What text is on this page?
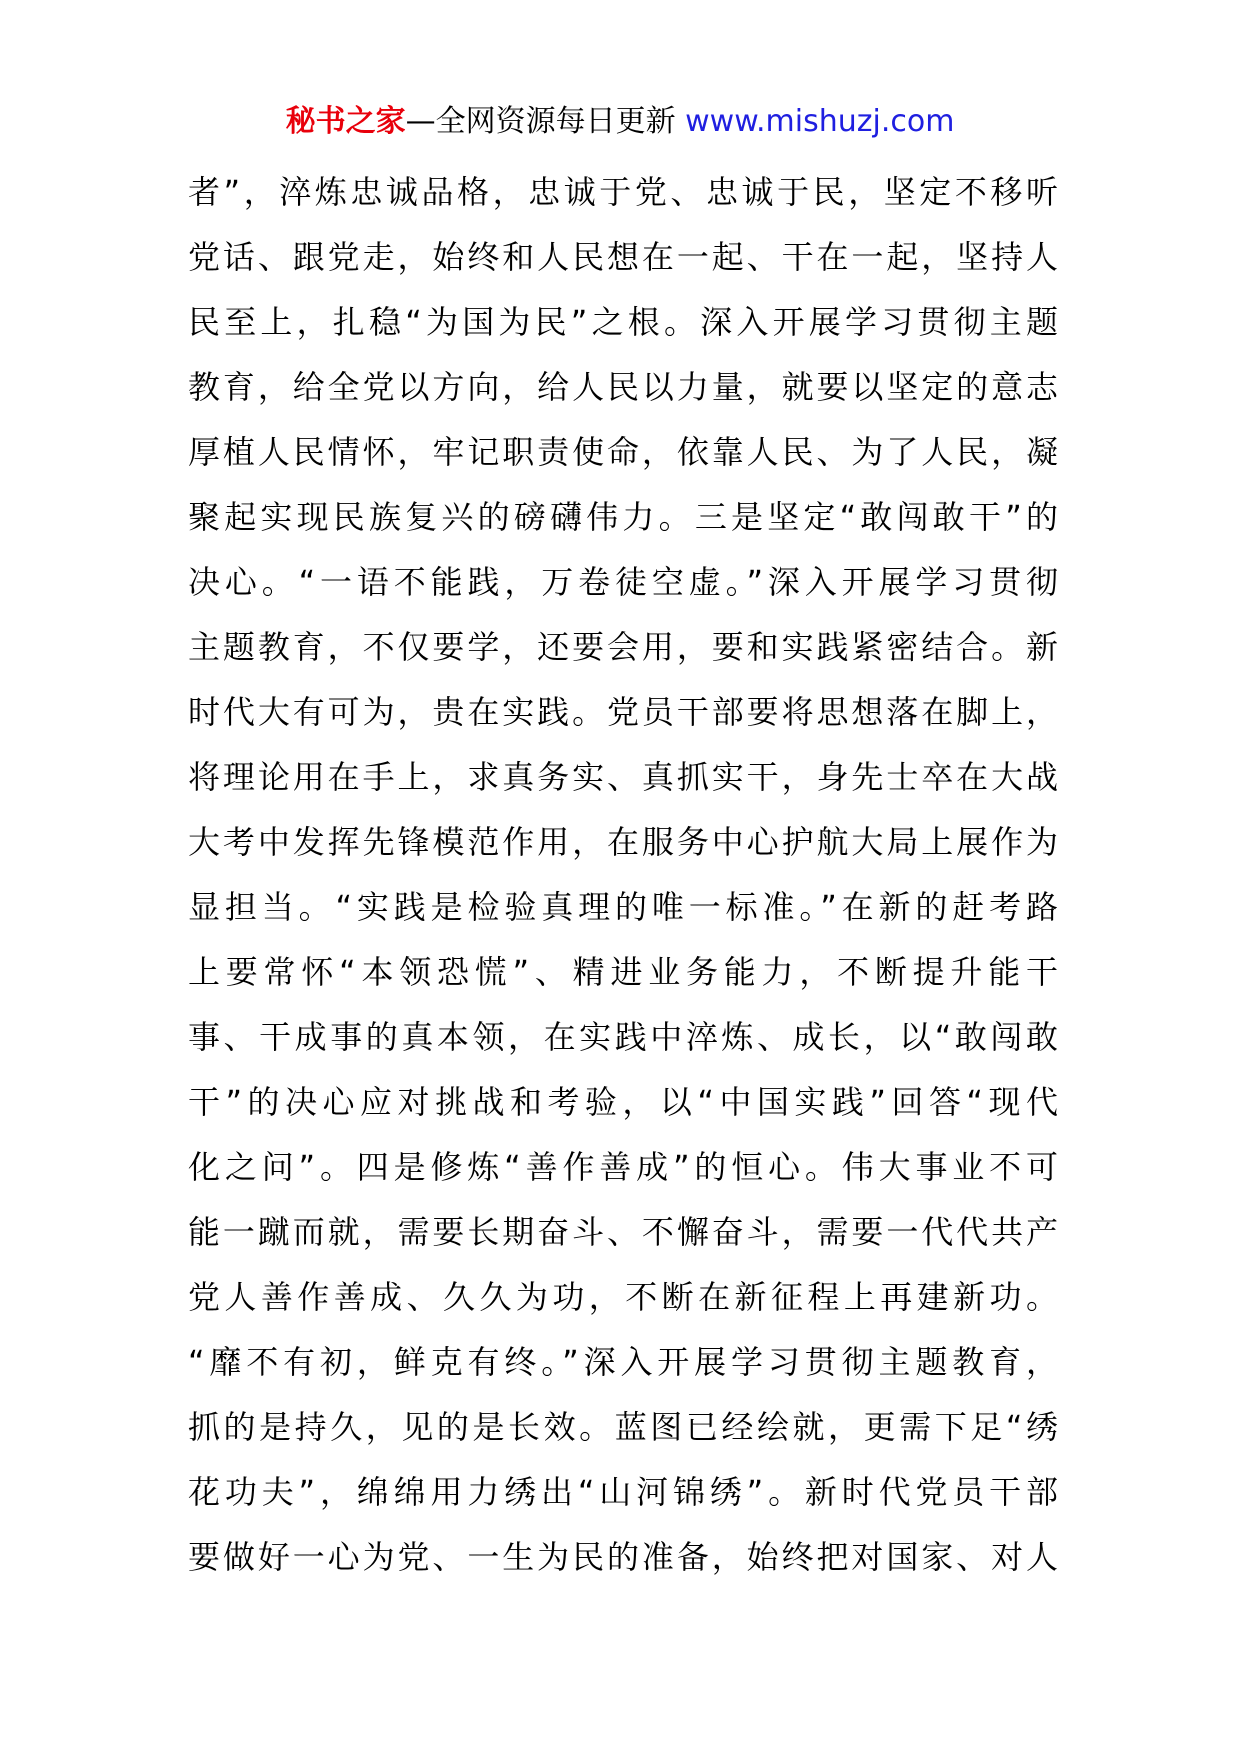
秘书之家—全网资源每日更新 www.mishuzj.com
者”，淬炼忠诚品格，忠诚于党、忠诚于民，坚定不移听
党话、跟党走，始终和人民想在一起、干在一起，坚持人
民至上，扎稳“为国为民”之根。深入开展学习贯彻主题
教育，给全党以方向，给人民以力量，就要以坚定的意志
厚植人民情怀，牢记职责使命，依靠人民、为了人民，凝
聚起实现民族复兴的磅礴伟力。三是坚定“敢闯敢干”的
决心。“一语不能践，万卷徒空虚。”深入开展学习贯彻
主题教育，不仅要学，还要会用，要和实践紧密结合。新
时代大有可为，贵在实践。党员干部要将思想落在脚上，
将理论用在手上，求真务实、真抓实干，身先士卒在大战
大考中发挥先锋模范作用，在服务中心护航大局上展作为
显担当。“实践是检验真理的唯一标准。”在新的赶考路
上要常怀“本领恐慌”、精进业务能力，不断提升能干
事、干成事的真本领，在实践中淬炼、成长，以“敢闯敢
干”的决心应对挑战和考验，以“中国实践”回答“现代
化之问”。四是修炼“善作善成”的恒心。伟大事业不可
能一蹴而就，需要长期奋斗、不懈奋斗，需要一代代共产
党人善作善成、久久为功，不断在新征程上再建新功。
“靡不有初，鲜克有终。”深入开展学习贯彻主题教育，
抓的是持久，见的是长效。蓝图已经绘就，更需下足“绣
花功夫”，绵绵用力绣出“山河锦绣”。新时代党员干部
要做好一心为党、一生为民的准备，始终把对国家、对人
